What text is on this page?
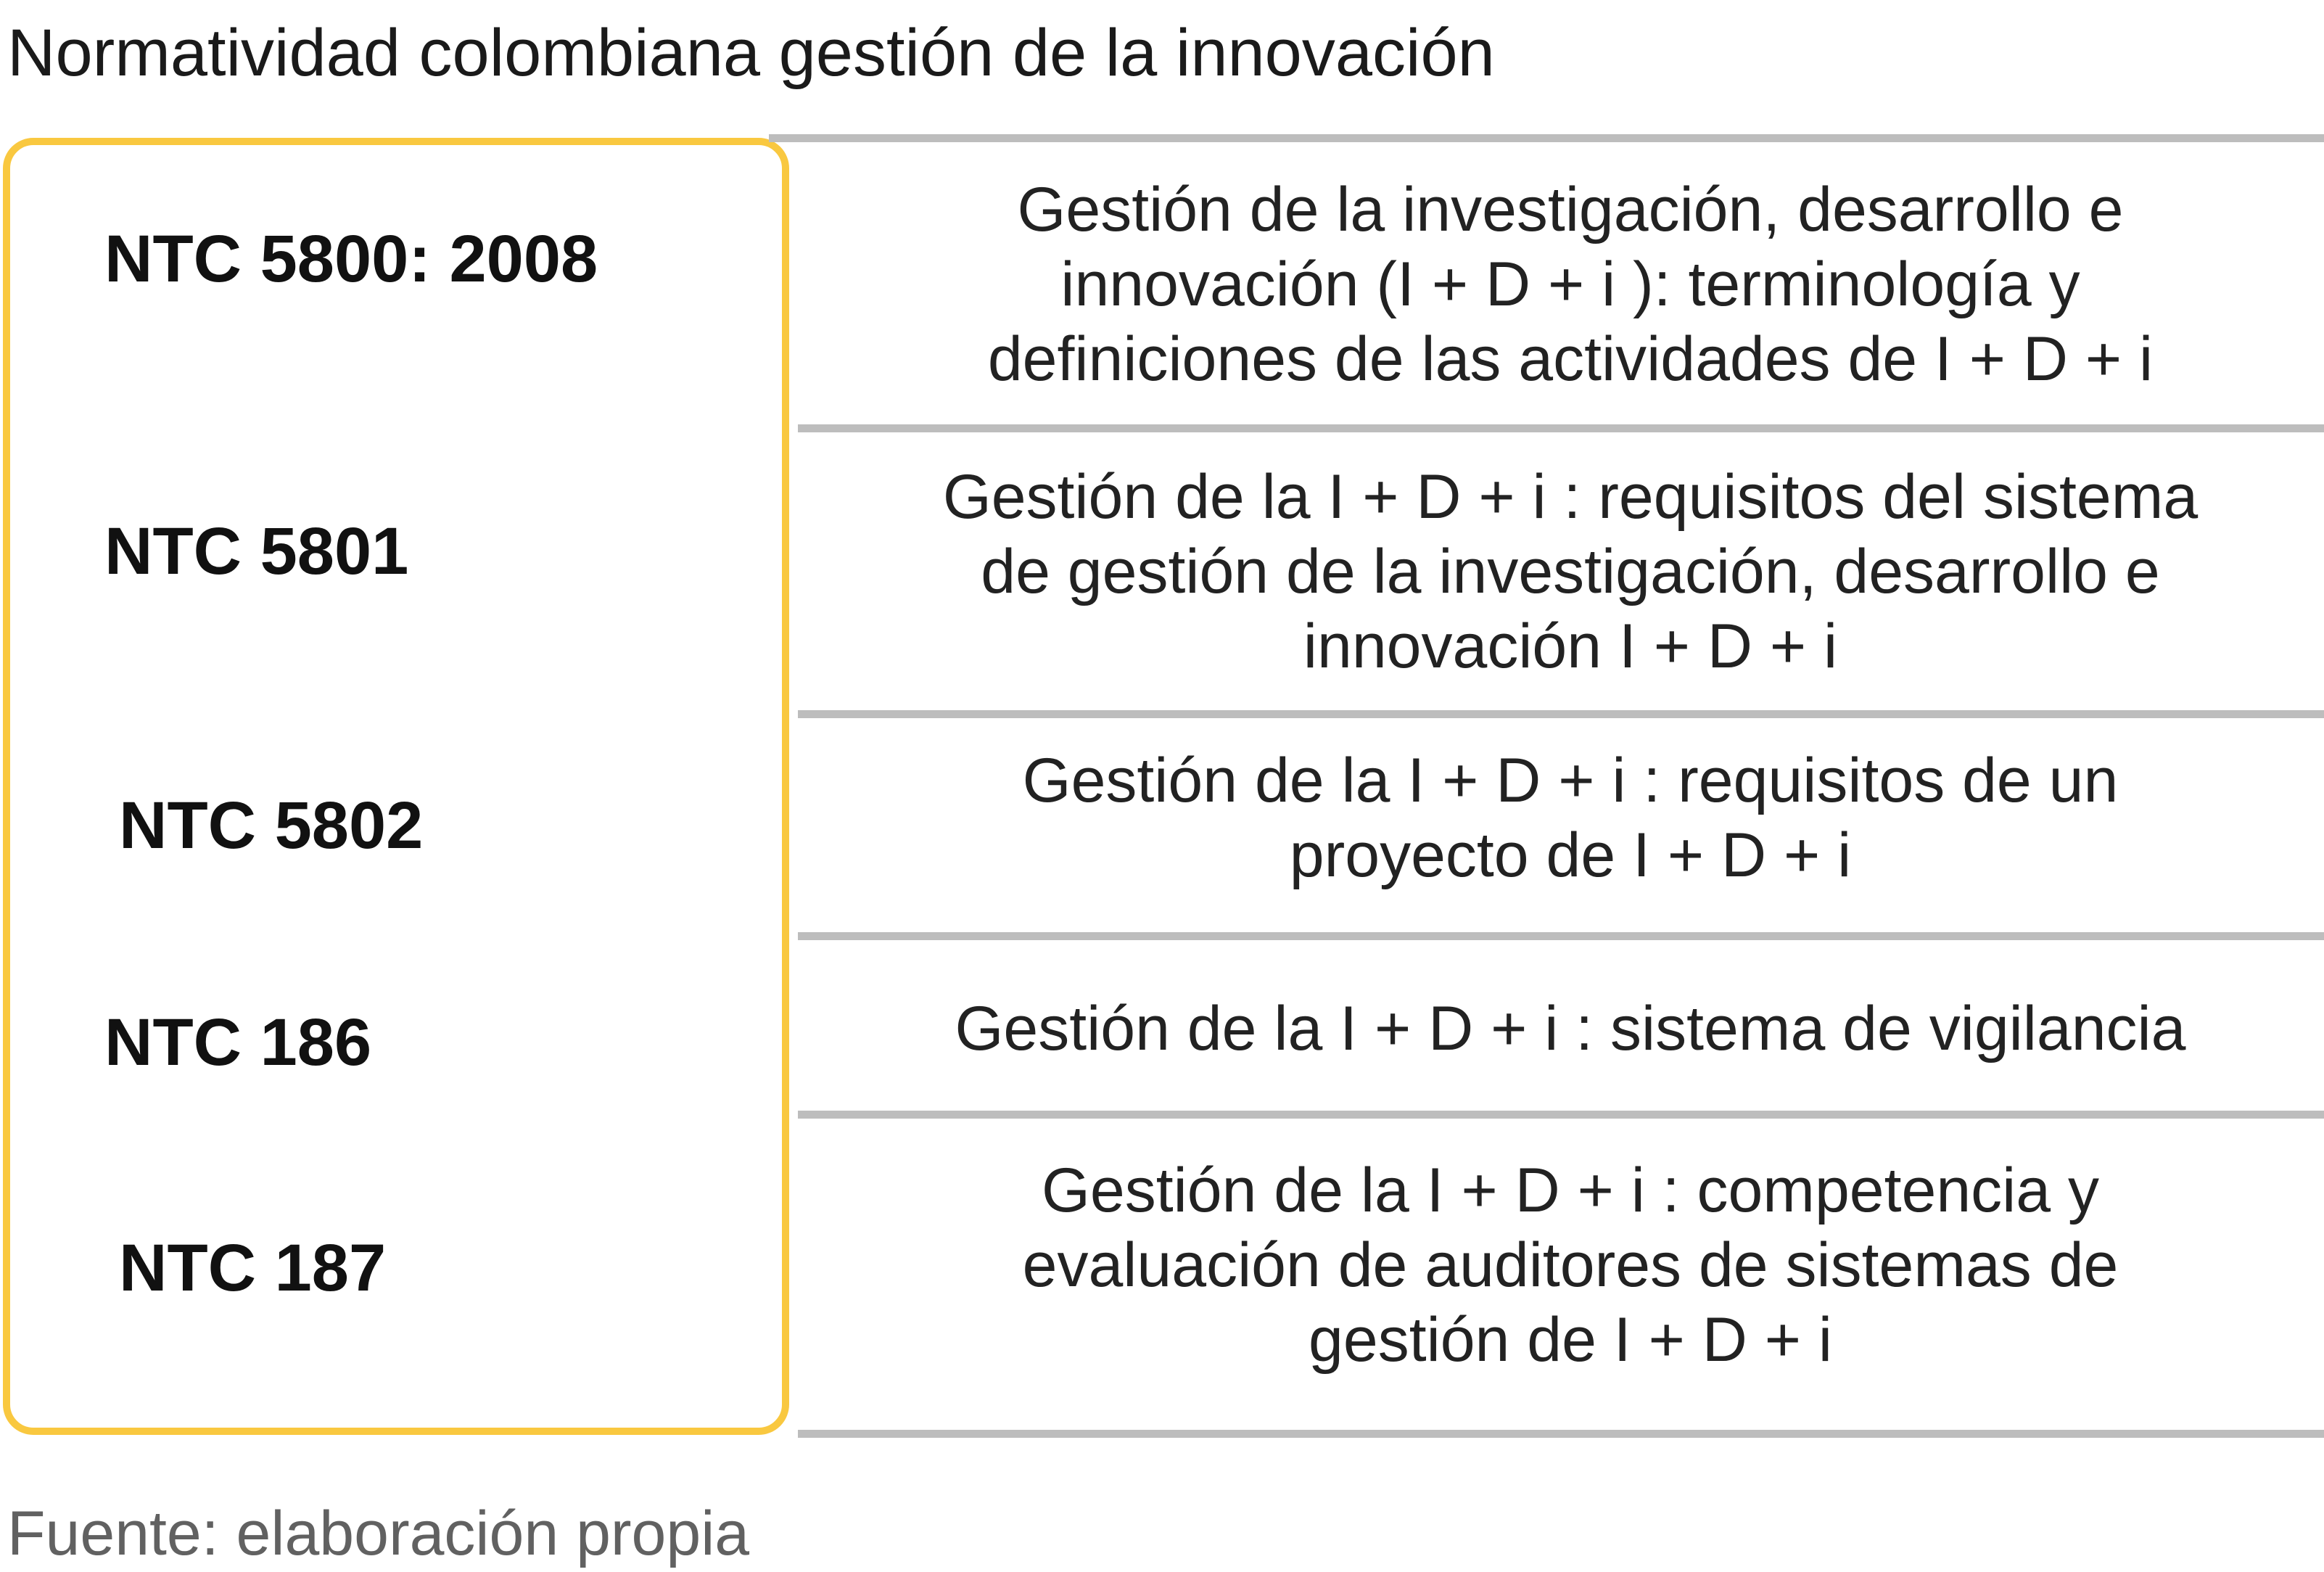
Normatividad colombiana gestión de la innovación
NTC 5800: 2008
NTC 5801
NTC 5802
NTC 186
NTC 187
Gestión de la investigación, desarrollo e
innovación (I + D + i ): terminología y
definiciones de las actividades de I + D + i
Gestión de la I + D + i : requisitos del sistema
de gestión de la investigación, desarrollo e
innovación I + D + i
Gestión de la I + D + i : requisitos de un
proyecto de I + D + i
Gestión de la I + D + i : sistema de vigilancia
Gestión de la I + D + i : competencia y
evaluación de auditores de sistemas de
gestión de I + D + i
Fuente: elaboración propia
